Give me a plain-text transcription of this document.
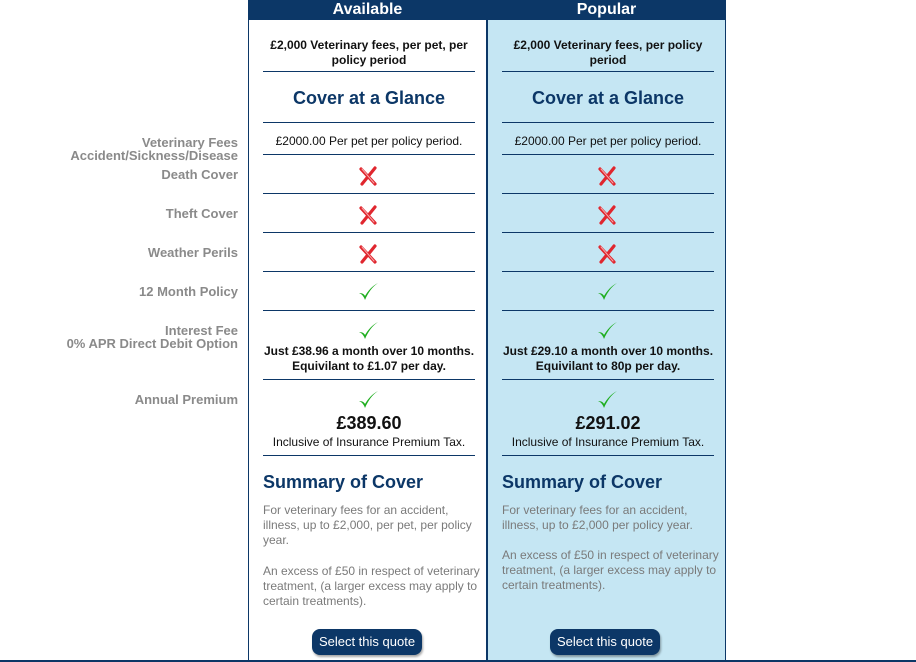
Veterinary Fees
Accident/Sickness/Disease
Death Cover
Theft Cover
Weather Perils
12 Month Policy
Interest Fee
0% APR Direct Debit Option
Annual Premium
Available
£2,000 Veterinary fees, per pet, per
policy period
Cover at a Glance
£2000.00 Per pet per policy period.
Just £38.96 a month over 10 months.
Equivilant to £1.07 per day.
£389.60
Inclusive of Insurance Premium Tax.
Summary of Cover
For veterinary fees for an accident, illness, up to £2,000, per pet, per policy year.
An excess of £50 in respect of veterinary treatment, (a larger excess may apply to certain treatments).
Select this quote
Popular
£2,000 Veterinary fees, per policy
period
Cover at a Glance
£2000.00 Per pet per policy period.
Just £29.10 a month over 10 months.
Equivilant to 80p per day.
£291.02
Inclusive of Insurance Premium Tax.
Summary of Cover
For veterinary fees for an accident, illness, up to £2,000 per policy year.
An excess of £50 in respect of veterinary treatment, (a larger excess may apply to certain treatments).
Select this quote
